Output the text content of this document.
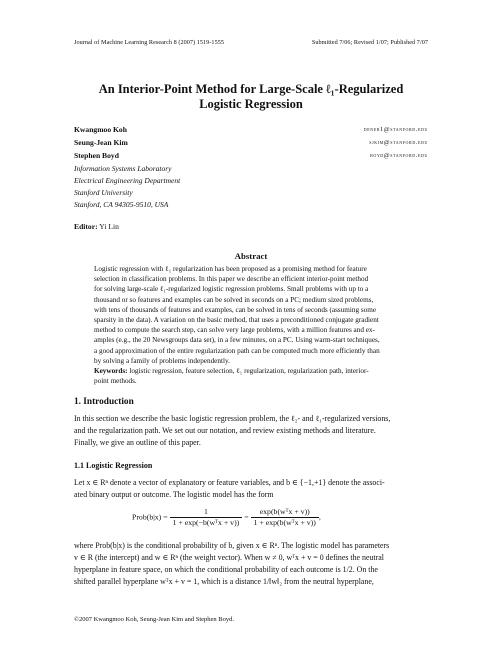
Journal of Machine Learning Research 8 (2007) 1519-1555	Submitted 7/06; Revised 1/07; Published 7/07
An Interior-Point Method for Large-Scale ℓ₁-Regularized
Logistic Regression
Kwangmoo Koh	deneb1@stanford.edu
Seung-Jean Kim	sjkim@stanford.edu
Stephen Boyd	boyd@stanford.edu
Information Systems Laboratory
Electrical Engineering Department
Stanford University
Stanford, CA 94305-9510, USA
Editor: Yi Lin
Abstract
Logistic regression with ℓ₁ regularization has been proposed as a promising method for feature
selection in classification problems. In this paper we describe an efficient interior-point method
for solving large-scale ℓ₁-regularized logistic regression problems. Small problems with up to a
thousand or so features and examples can be solved in seconds on a PC; medium sized problems,
with tens of thousands of features and examples, can be solved in tens of seconds (assuming some
sparsity in the data). A variation on the basic method, that uses a preconditioned conjugate gradient
method to compute the search step, can solve very large problems, with a million features and ex-
amples (e.g., the 20 Newsgroups data set), in a few minutes, on a PC. Using warm-start techniques,
a good approximation of the entire regularization path can be computed much more efficiently than
by solving a family of problems independently.
Keywords: logistic regression, feature selection, ℓ₁ regularization, regularization path, interior-
point methods.
1. Introduction
In this section we describe the basic logistic regression problem, the ℓ₂- and ℓ₁-regularized versions,
and the regularization path. We set out our notation, and review existing methods and literature.
Finally, we give an outline of this paper.
1.1 Logistic Regression
Let x ∈ Rⁿ denote a vector of explanatory or feature variables, and b ∈ {−1,+1} denote the associ-
ated binary output or outcome. The logistic model has the form
Prob(b|x) = $\frac{1}{\text{1 + exp(−b(wᵀx + v))}} = \frac{\text{exp(b(wᵀx + v))}}{\text{1 + exp(b(wᵀx + v))}}$ ,
where Prob(b|x) is the conditional probability of b, given x ∈ Rⁿ. The logistic model has parameters
v ∈ R (the intercept) and w ∈ Rⁿ (the weight vector). When w ≠ 0, wᵀx + v = 0 defines the neutral
hyperplane in feature space, on which the conditional probability of each outcome is 1/2. On the
shifted parallel hyperplane wᵀx + v = 1, which is a distance 1/‖w‖₂ from the neutral hyperplane,
©2007 Kwangmoo Koh, Seung-Jean Kim and Stephen Boyd.
